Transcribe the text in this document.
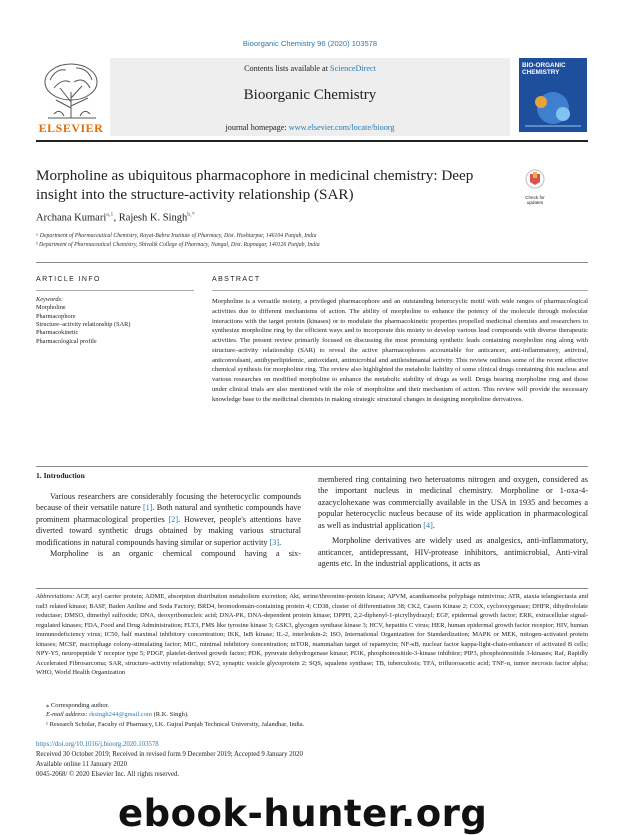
Bioorganic Chemistry 96 (2020) 103578
ELSEVIER
Contents lists available at ScienceDirect
Bioorganic Chemistry
journal homepage: www.elsevier.com/locate/bioorg
BIO-ORGANIC CHEMISTRY
Morpholine as ubiquitous pharmacophore in medicinal chemistry: Deep insight into the structure-activity relationship (SAR)	Check for
updates
Archana Kumari$^{a,1}$, Rajesh K. Singh$^{b,*}$
ᵃ Department of Pharmaceutical Chemistry, Rayat-Bahra Institute of Pharmacy, Dist. Hoshiarpur, 146104 Punjab, India
ᵇ Department of Pharmaceutical Chemistry, Shivalik College of Pharmacy, Nangal, Dist. Rupnagar, 140126 Punjab, India
ARTICLE INFO
Keywords:
Morpholine
Pharmacophore
Structure–activity relationship (SAR)
Pharmacokinetic
Pharmacological profile
ABSTRACT
Morpholine is a versatile moiety, a privileged pharmacophore and an outstanding heterocyclic motif with wide ranges of pharmacological activities due to different mechanisms of action. The ability of morpholine to enhance the potency of the molecule through molecular interactions with the target protein (kinases) or to modulate the pharmacokinetic properties propelled medicinal chemists and researchers to synthesize morpholine ring by the efficient ways and to incorporate this moiety to develop various lead compounds with diverse therapeutic activities. The present review primarily focused on discussing the most promising synthetic leads containing morpholine ring along with structure–activity relationship (SAR) to reveal the active pharmacophores accountable for anticancer, anti-inflammatory, antiviral, anticonvulsant, antihyperlipidemic, antioxidant, antimicrobial and antileishmanial activity. This review outlines some of the recent effective chemical synthesis for morpholine ring. The review also highlighted the metabolic liability of some clinical drugs containing this nucleus and various researches on modified morpholine to enhance the metabolic stability of drugs as well. Drugs bearing morpholine ring and those under clinical trials are also mentioned with the role of morpholine and their mechanism of action. This review will provide the necessary knowledge base to the medicinal chemists in making strategic structural changes in designing morpholine derivatives.
1. Introduction

Various researchers are considerably focusing the heterocyclic compounds because of their versatile nature [1]. Both natural and synthetic compounds have prominent pharmacological properties [2]. However, people's attentions have diverted toward synthetic drugs obtained by making various structural modifications in natural compounds having similar or superior activity [3].

Morpholine is an organic chemical compound having a six-

membered ring containing two heteroatoms nitrogen and oxygen, considered as the important nucleus in medicinal chemistry. Morpholine or 1-oxa-4-azacyclohexane was commercially available in the USA in 1935 and becomes a popular heterocyclic nucleus because of its wide application in pharmacological as well as industrial application [4].

Morpholine derivatives are widely used as analgesics, anti-inflammatory, anticancer, antidepressant, HIV-protease inhibitors, antimicrobial, Anti-viral agents etc. In the industrial applications, it acts as

Abbreviations: ACP, acyl carrier protein; ADME, absorption distribution metabolism excretion; Akt, serine/threonine-protein kinase; APVM, acanthamoeba polyphaga mimivirus; ATR, ataxia telangiectasia and rad3 related kinase; BASF, Baden Aniline and Soda Factory; BRD4, bromodomain-containing protein 4; CD38, cluster of differentiation 38; CK2, Casein Kinase 2; COX, cyclooxygenase; DHFR, dihydrofolate reductase; DMSO, dimethyl sulfoxide; DNA, deoxyribonucleic acid; DNA-PK, DNA-dependent protein kinase; DPPH, 2,2-diphenyl-1-picrylhydrazyl; EGF, epidermal growth factor; ERK, extracellular signal-regulated kinases; FDA, Food and Drug Administration; FLT3, FMS like tyrosine kinase 3; GSK3, glycogen synthase kinase 3; HCV, hepatitis C virus; HER, human epidermal growth factor receptor; HIV, human immunodeficiency virus; IC50, half maximal inhibitory concentration; IKK, IκB kinase; IL-2, interleukin-2; ISO, International Organization for Standardization; MAPK or MEK, mitogen-activated protein kinases; MCSF, macrophage colony-stimulating factor; MIC, minimal inhibitory concentration; mTOR, mammalian target of rapamycin; NF-κB, nuclear factor kappa-light-chain-enhancer of activated B cells; NPY-Y5, neuropeptide Y receptor type 5; PDGF, platelet-derived growth factor; PDK, pyruvate dehydrogenase kinase; PI3K, phosphoinositide-3-kinase inhibitor; PIP3, phosphoinositide 3-kinases; Raf, Rapidly Accelerated Fibrosarcoma; SAR, structure–activity relationship; SV2, synaptic vesicle glycoprotein 2; SQS, squalene synthase; TB, tuberculosis; TFA, trifluoroacetic acid; TNF-α, tumor necrosis factor alpha; WHO, World Health Organization
⁎ Corresponding author.
E-mail address: rksingh244@gmail.com (R.K. Singh).
¹ Research Scholar, Faculty of Pharmacy, I.K. Gujral Punjab Technical University, Jalandhar, India.
https://doi.org/10.1016/j.bioorg.2020.103578
Received 30 October 2019; Received in revised form 9 December 2019; Accepted 9 January 2020
Available online 11 January 2020
0045-2068/ © 2020 Elsevier Inc. All rights reserved.
ebook-hunter.org
